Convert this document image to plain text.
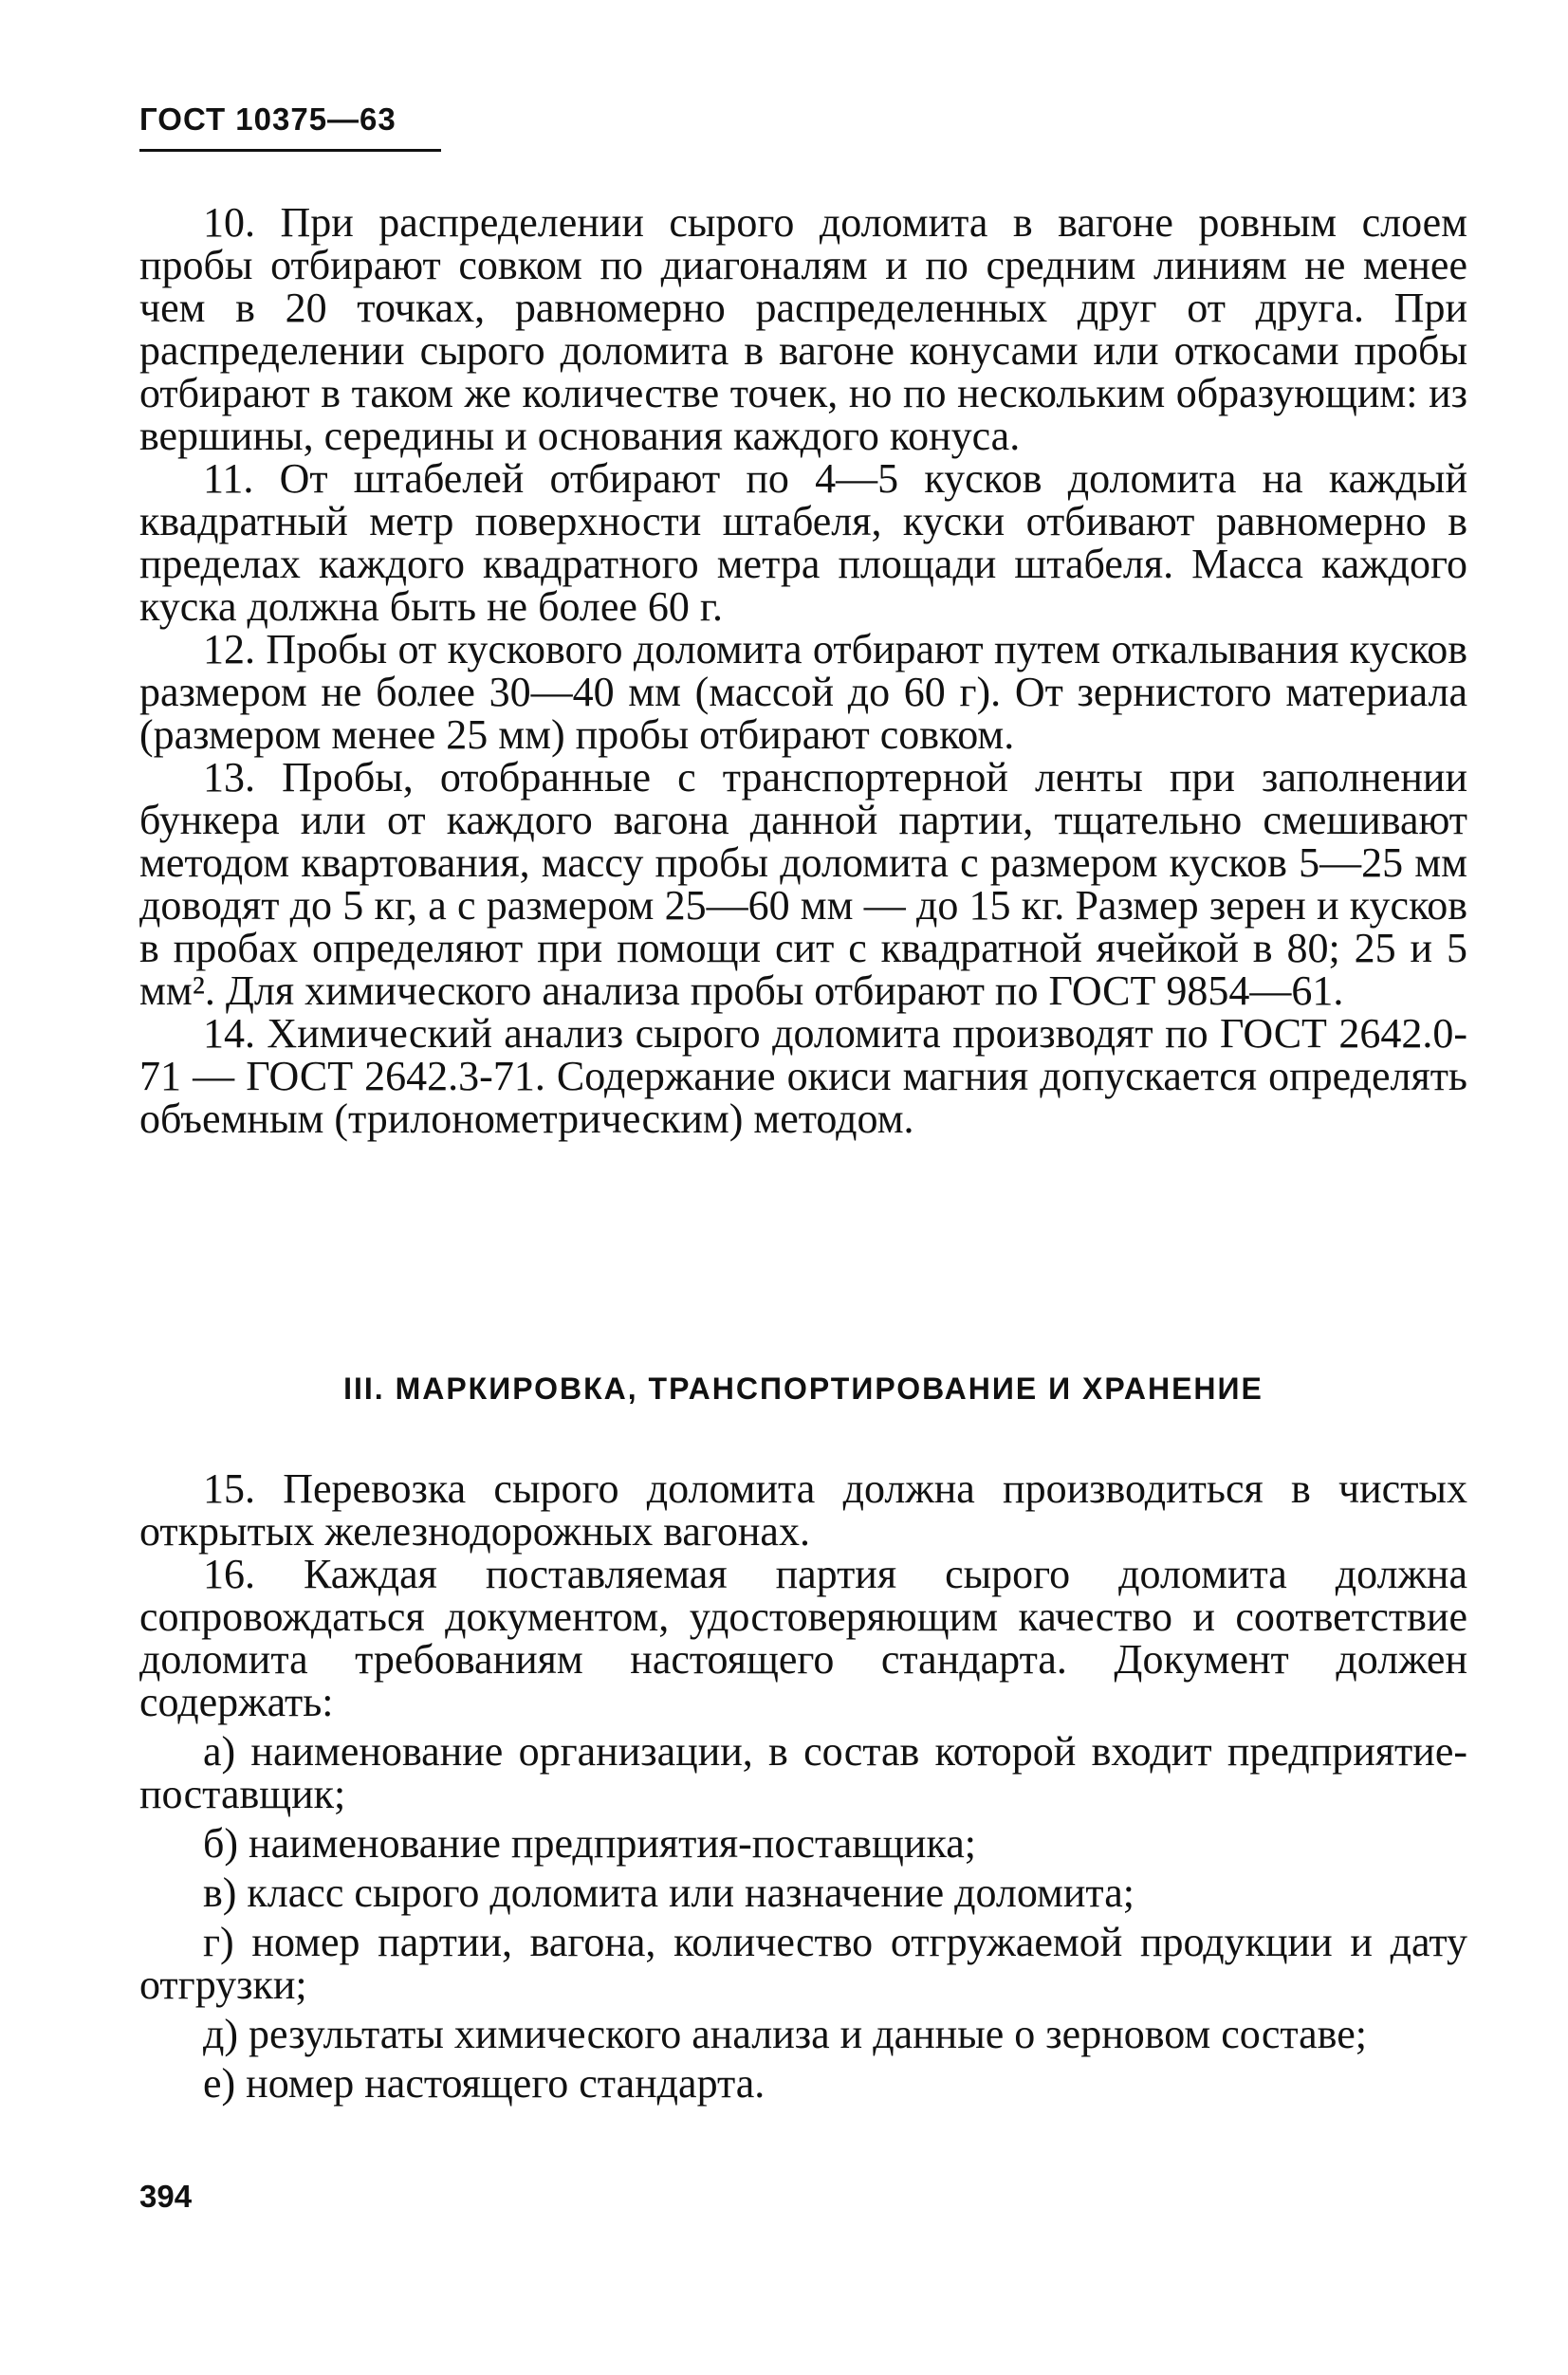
ГОСТ 10375—63

10. При распределении сырого доломита в вагоне ровным слоем пробы отбирают совком по диагоналям и по средним линиям не менее чем в 20 точках, равномерно распределенных друг от друга. При распределении сырого доломита в вагоне конусами или откосами пробы отбирают в таком же количестве точек, но по нескольким образующим: из вершины, середины и основания каждого конуса.

11. От штабелей отбирают по 4—5 кусков доломита на каждый квадратный метр поверхности штабеля, куски отбивают равномерно в пределах каждого квадратного метра площади штабеля. Масса каждого куска должна быть не более 60 г.

12. Пробы от кускового доломита отбирают путем откалывания кусков размером не более 30—40 мм (массой до 60 г). От зернистого материала (размером менее 25 мм) пробы отбирают совком.

13. Пробы, отобранные с транспортерной ленты при заполнении бункера или от каждого вагона данной партии, тщательно смешивают методом квартования, массу пробы доломита с размером кусков 5—25 мм доводят до 5 кг, а с размером 25—60 мм — до 15 кг. Размер зерен и кусков в пробах определяют при помощи сит с квадратной ячейкой в 80; 25 и 5 мм². Для химического анализа пробы отбирают по ГОСТ 9854—61.

14. Химический анализ сырого доломита производят по ГОСТ 2642.0-71 — ГОСТ 2642.3-71. Содержание окиси магния допускается определять объемным (трилонометрическим) методом.

III. МАРКИРОВКА, ТРАНСПОРТИРОВАНИЕ И ХРАНЕНИЕ

15. Перевозка сырого доломита должна производиться в чистых открытых железнодорожных вагонах.

16. Каждая поставляемая партия сырого доломита должна сопровождаться документом, удостоверяющим качество и соответствие доломита требованиям настоящего стандарта. Документ должен содержать:

а) наименование организации, в состав которой входит предприятие-поставщик;

б) наименование предприятия-поставщика;

в) класс сырого доломита или назначение доломита;

г) номер партии, вагона, количество отгружаемой продукции и дату отгрузки;

д) результаты химического анализа и данные о зерновом составе;

е) номер настоящего стандарта.

394
